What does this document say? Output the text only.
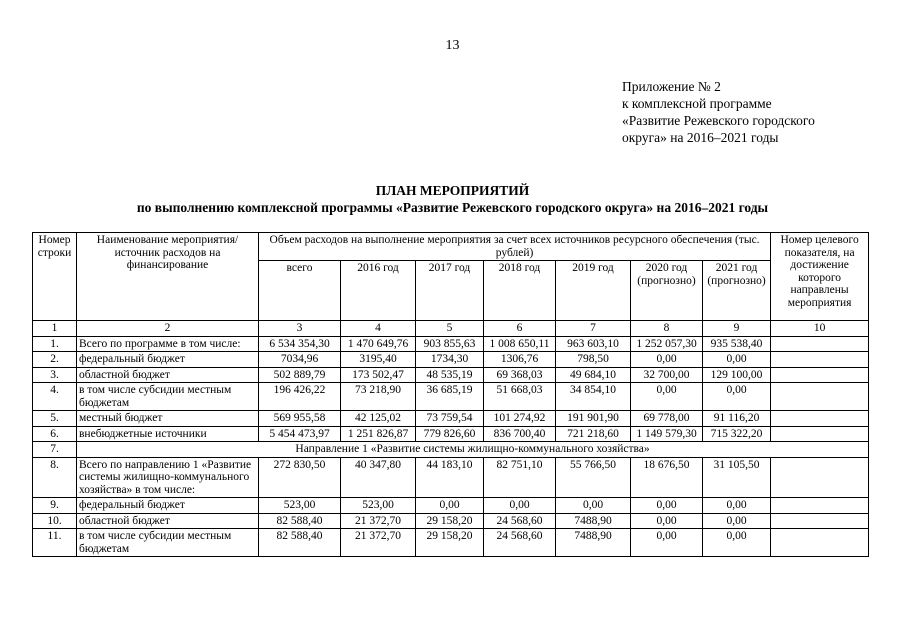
13
Приложение № 2
к комплексной программе
«Развитие Режевского городского
округа» на 2016–2021 годы
ПЛАН МЕРОПРИЯТИЙ
по выполнению комплексной программы «Развитие Режевского городского округа» на 2016–2021 годы
Номер строки	Наименование мероприятия/источник расходов на финансирование	Объем расходов на выполнение мероприятия за счет всех источников ресурсного обеспечения (тыс. рублей)							Номер целевого показателя, на достижение которого направлены мероприятия
		всего	2016 год	2017 год	2018 год	2019 год	2020 год (прогнозно)	2021 год (прогнозно)	
1	2	3	4	5	6	7	8	9	10
1.	Всего по программе в том числе:	6 534 354,30	1 470 649,76	903 855,63	1 008 650,11	963 603,10	1 252 057,30	935 538,40	
2.	федеральный бюджет	7034,96	3195,40	1734,30	1306,76	798,50	0,00	0,00	
3.	областной бюджет	502 889,79	173 502,47	48 535,19	69 368,03	49 684,10	32 700,00	129 100,00	
4.	в том числе субсидии местным бюджетам	196 426,22	73 218,90	36 685,19	51 668,03	34 854,10	0,00	0,00	
5.	местный бюджет	569 955,58	42 125,02	73 759,54	101 274,92	191 901,90	69 778,00	91 116,20	
6.	внебюджетные источники	5 454 473,97	1 251 826,87	779 826,60	836 700,40	721 218,60	1 149 579,30	715 322,20	
7.	Направление 1 «Развитие системы жилищно-коммунального хозяйства»								
8.	Всего по направлению 1 «Развитие системы жилищно-коммунального хозяйства» в том числе:	272 830,50	40 347,80	44 183,10	82 751,10	55 766,50	18 676,50	31 105,50	
9.	федеральный бюджет	523,00	523,00	0,00	0,00	0,00	0,00	0,00	
10.	областной бюджет	82 588,40	21 372,70	29 158,20	24 568,60	7488,90	0,00	0,00	
11.	в том числе субсидии местным бюджетам	82 588,40	21 372,70	29 158,20	24 568,60	7488,90	0,00	0,00	
